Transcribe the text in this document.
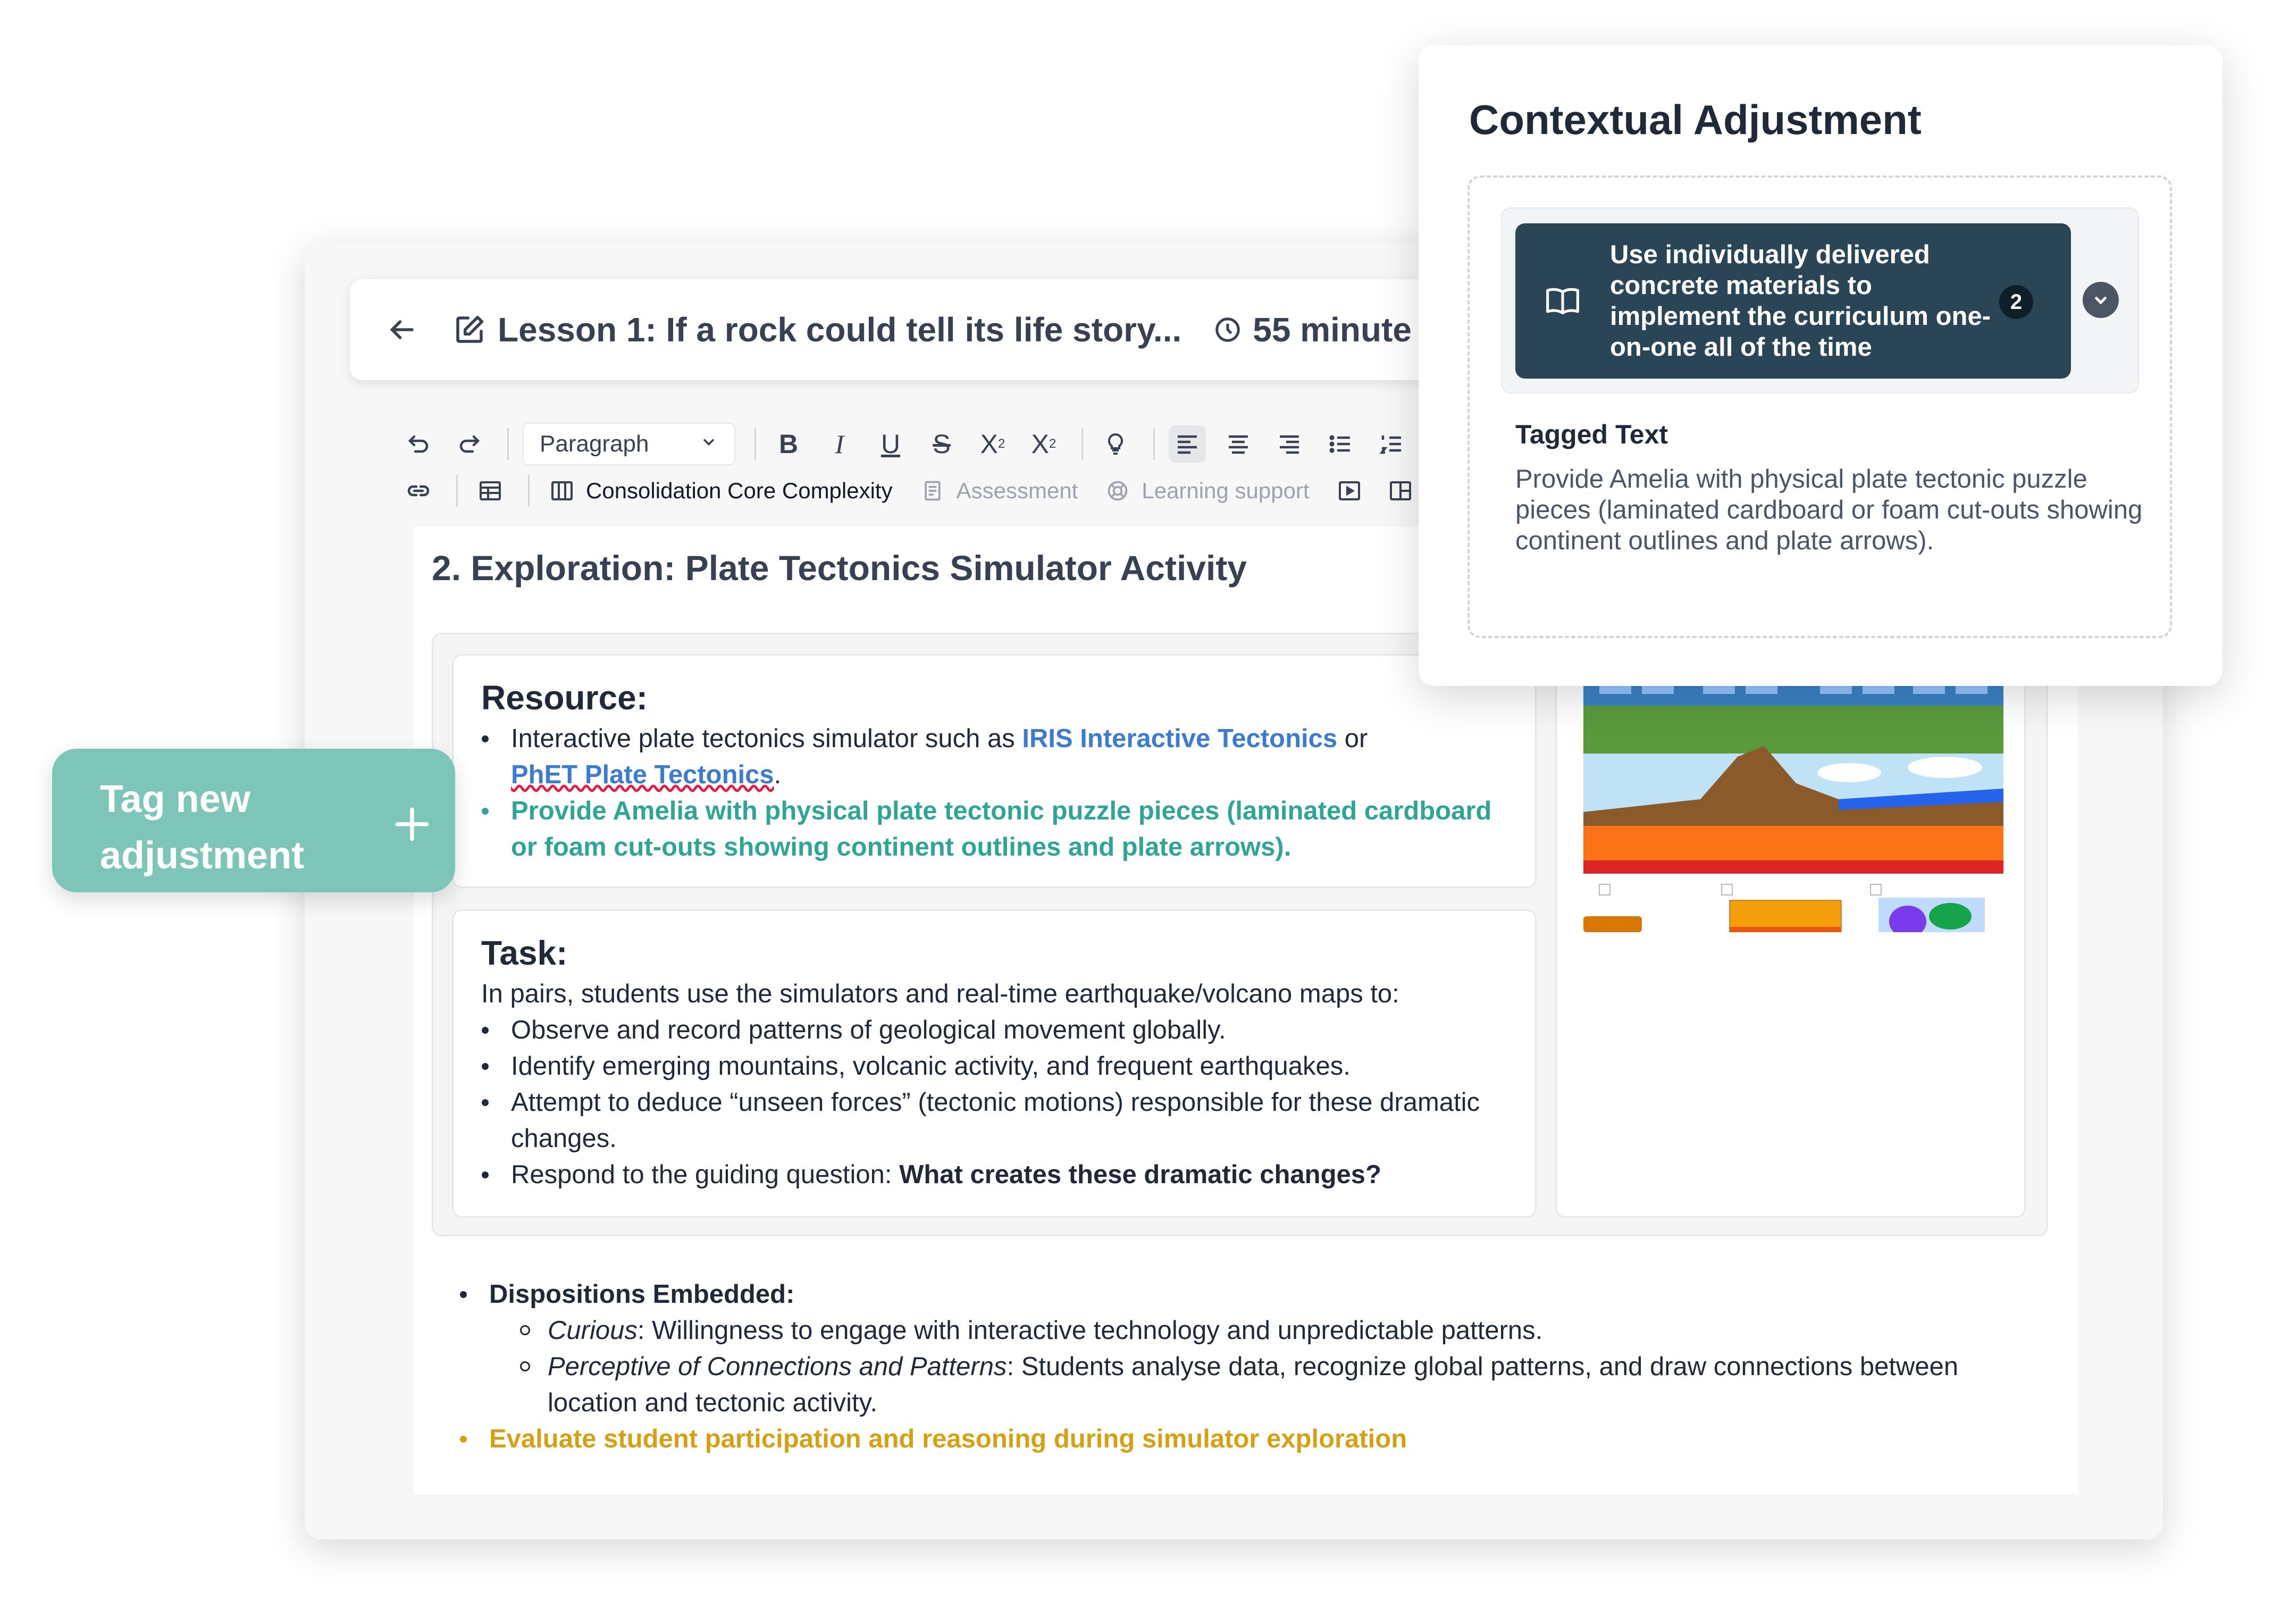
Lesson 1: If a rock could tell its life story... 55 minute
Paragraph	B	I	U	S	X 2 X 2
Consolidation Core Complexity	Assessment	Learning support
2. Exploration: Plate Tectonics Simulator Activity
Resource:
Interactive plate tectonics simulator such as IRIS Interactive Tectonics or
PhET Plate Tectonics.
Provide Amelia with physical plate tectonic puzzle pieces (laminated cardboard or foam cut-outs showing continent outlines and plate arrows).
Task:
In pairs, students use the simulators and real-time earthquake/volcano maps to:
Observe and record patterns of geological movement globally.
Identify emerging mountains, volcanic activity, and frequent earthquakes.
Attempt to deduce “unseen forces” (tectonic motions) responsible for these dramatic changes.
Respond to the guiding question: What creates these dramatic changes?
Dispositions Embedded:
Curious: Willingness to engage with interactive technology and unpredictable patterns.
Perceptive of Connections and Patterns: Students analyse data, recognize global patterns, and draw connections between location and tectonic activity.
Evaluate student participation and reasoning during simulator exploration
Tag new adjustment
Contextual Adjustment
Use individually delivered concrete materials to implement the curriculum one-on-one all of the time
2
Tagged Text
Provide Amelia with physical plate tectonic puzzle pieces (laminated cardboard or foam cut-outs showing continent outlines and plate arrows).
